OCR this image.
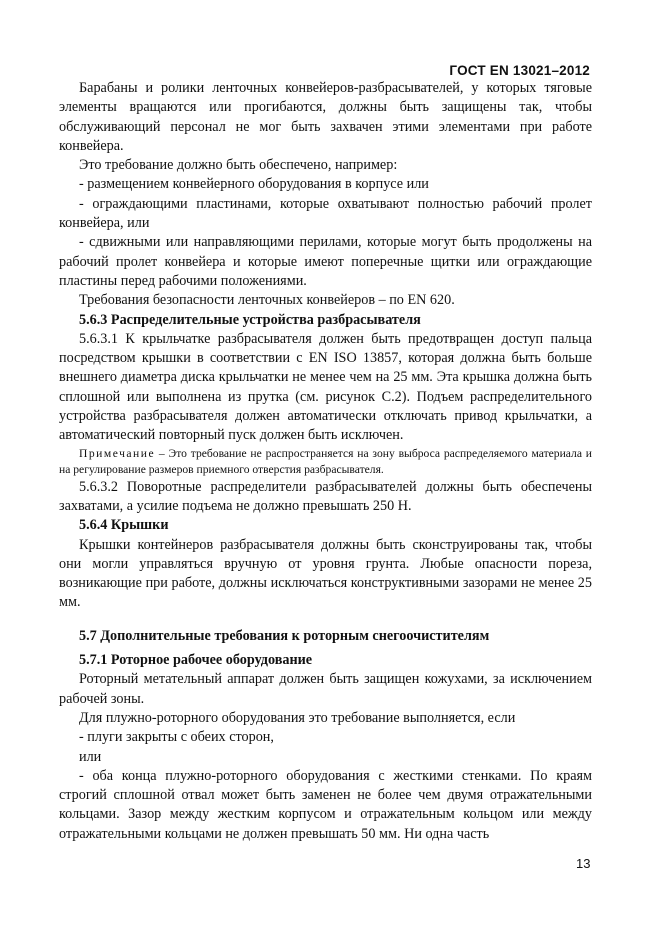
ГОСТ EN 13021–2012

Барабаны и ролики ленточных конвейеров-разбрасывателей, у которых тяговые элементы вращаются или прогибаются, должны быть защищены так, чтобы обслуживающий персонал не мог быть захвачен этими элементами при работе конвейера.

Это требование должно быть обеспечено, например:

- размещением конвейерного оборудования в корпусе или

- ограждающими пластинами, которые охватывают полностью рабочий пролет конвейера, или

- сдвижными или направляющими перилами, которые могут быть продолжены на рабочий пролет конвейера и которые имеют поперечные щитки или ограждающие пластины перед рабочими положениями.

Требования безопасности ленточных конвейеров – по EN 620.

5.6.3 Распределительные устройства разбрасывателя

5.6.3.1 К крыльчатке разбрасывателя должен быть предотвращен доступ пальца посредством крышки в соответствии с EN ISO 13857, которая должна быть больше внешнего диаметра диска крыльчатки не менее чем на 25 мм. Эта крышка должна быть сплошной или выполнена из прутка (см. рисунок С.2). Подъем распределительного устройства разбрасывателя должен автоматически отключать привод крыльчатки, а автоматический повторный пуск должен быть исключен.

Примечание – Это требование не распространяется на зону выброса распределяемого материала и на регулирование размеров приемного отверстия разбрасывателя.

5.6.3.2 Поворотные распределители разбрасывателей должны быть обеспечены захватами, а усилие подъема не должно превышать 250 Н.

5.6.4 Крышки

Крышки контейнеров разбрасывателя должны быть сконструированы так, чтобы они могли управляться вручную от уровня грунта. Любые опасности пореза, возникающие при работе, должны исключаться конструктивными зазорами не менее 25 мм.

5.7 Дополнительные требования к роторным снегоочистителям

5.7.1 Роторное рабочее оборудование

Роторный метательный аппарат должен быть защищен кожухами, за исключением рабочей зоны.

Для плужно-роторного оборудования это требование выполняется, если

- плуги закрыты с обеих сторон,

или

- оба конца плужно-роторного оборудования с жесткими стенками. По краям строгий сплошной отвал может быть заменен не более чем двумя отражательными кольцами. Зазор между жестким корпусом и отражательным кольцом или между отражательными кольцами не должен превышать 50 мм. Ни одна часть

13
